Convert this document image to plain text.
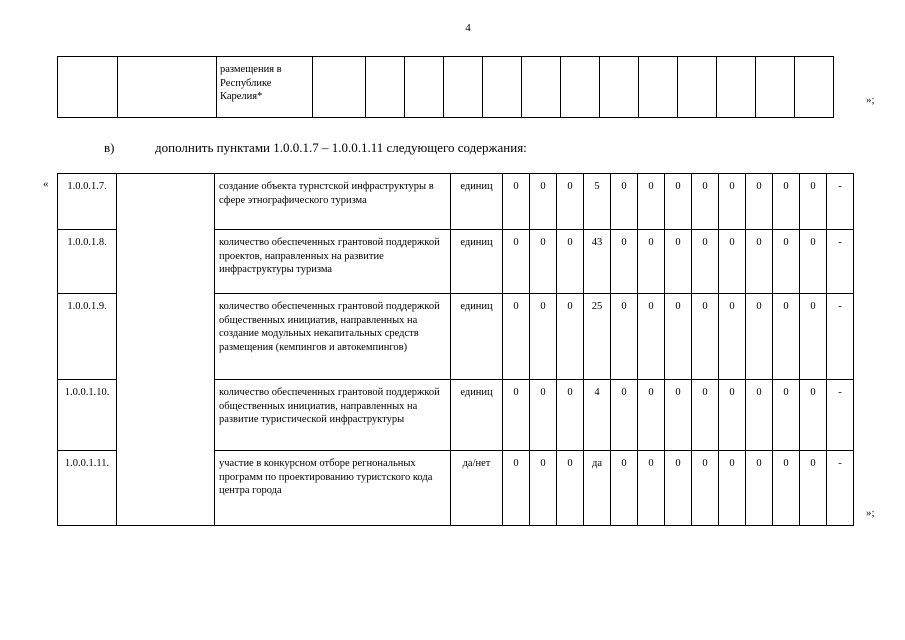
4
		размещения в Республике Карелия*														»;
в)	дополнить пунктами 1.0.0.1.7 – 1.0.0.1.11 следующего содержания:
« 1.0.0.1.7.		создание объекта турнстской инфраструктуры в сфере этнографического туризма	единиц	0	0	0	5	0	0	0	0	0	0	0	0	-
1.0.0.1.8.		количество обеспеченных грантовой поддержкой проектов, направленных на развитие инфраструктуры туризма	единиц	0	0	0	43	0	0	0	0	0	0	0	0	-
1.0.0.1.9.		количество обеспеченных грантовой поддержкой общественных инициатив, направленных на создание модульных некапитальных средств размещения (кемпингов и автокемпингов)	единиц	0	0	0	25	0	0	0	0	0	0	0	0	-
1.0.0.1.10.		количество обеспеченных грантовой поддержкой общественных инициатив, направленных на развитие туристической инфраструктуры	единиц	0	0	0	4	0	0	0	0	0	0	0	0	-
1.0.0.1.11.		участие в конкурсном отборе регнональных программ по проектированию туристского кода центра города	да/нет	0	0	0	да	0	0	0	0	0	0	0	0	-
»;
